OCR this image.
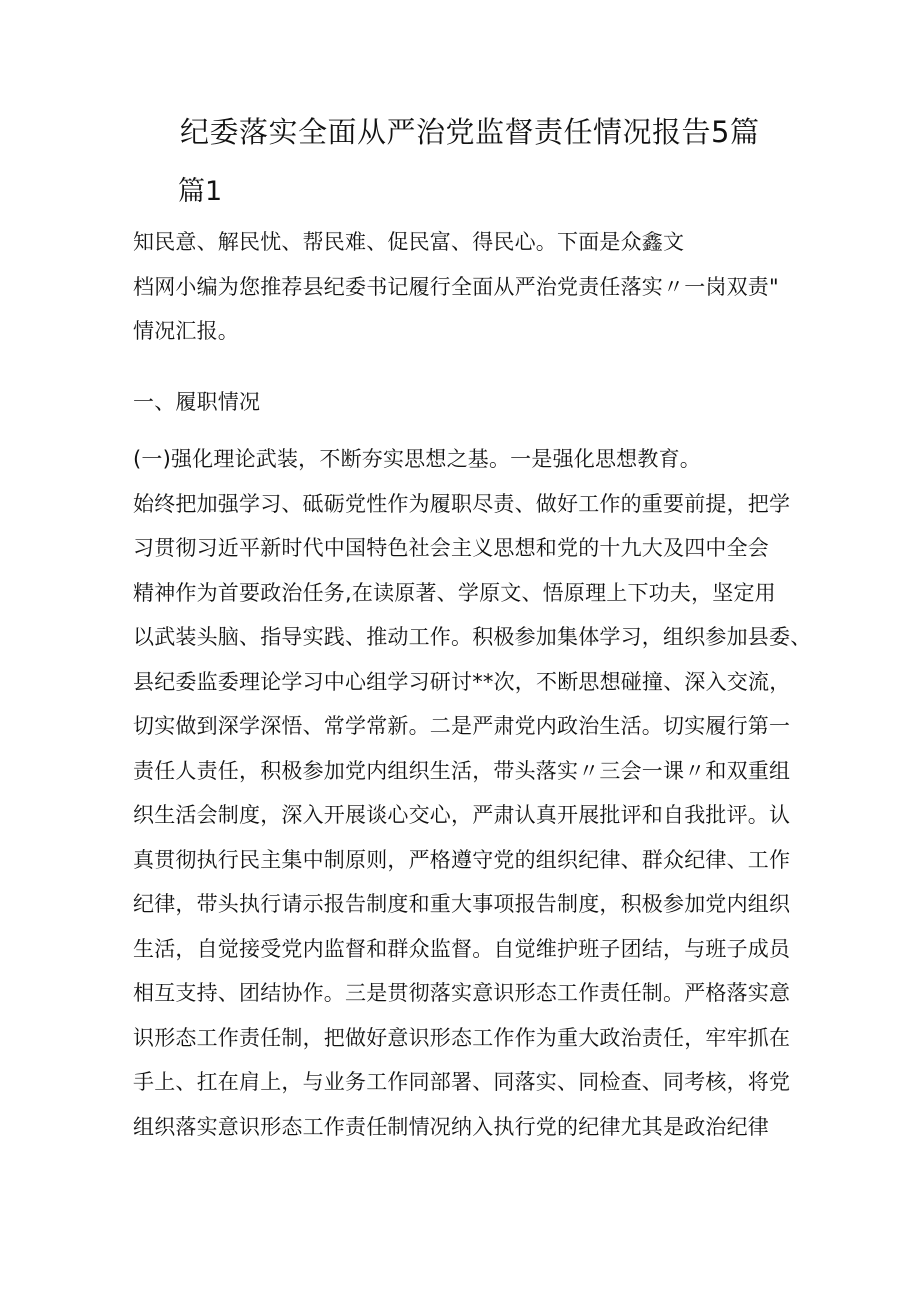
纪委落实全面从严治党监督责任情况报告5篇
篇1
知民意、解民忧、帮民难、促民富、得民心。下面是众鑫文
档网小编为您推荐县纪委书记履行全面从严治党责任落实〃一岗双责"
情况汇报。
一、履职情况
(一)强化理论武装，不断夯实思想之基。一是强化思想教育。
始终把加强学习、砥砺党性作为履职尽责、做好工作的重要前提，把学
习贯彻习近平新时代中国特色社会主义思想和党的十九大及四中全会
精神作为首要政治任务,在读原著、学原文、悟原理上下功夫，坚定用
以武装头脑、指导实践、推动工作。积极参加集体学习，组织参加县委、
县纪委监委理论学习中心组学习研讨**次，不断思想碰撞、深入交流，
切实做到深学深悟、常学常新。二是严肃党内政治生活。切实履行第一
责任人责任，积极参加党内组织生活，带头落实〃三会一课〃和双重组
织生活会制度，深入开展谈心交心，严肃认真开展批评和自我批评。认
真贯彻执行民主集中制原则，严格遵守党的组织纪律、群众纪律、工作
纪律，带头执行请示报告制度和重大事项报告制度，积极参加党内组织
生活，自觉接受党内监督和群众监督。自觉维护班子团结，与班子成员
相互支持、团结协作。三是贯彻落实意识形态工作责任制。严格落实意
识形态工作责任制，把做好意识形态工作作为重大政治责任，牢牢抓在
手上、扛在肩上，与业务工作同部署、同落实、同检查、同考核，将党
组织落实意识形态工作责任制情况纳入执行党的纪律尤其是政治纪律
